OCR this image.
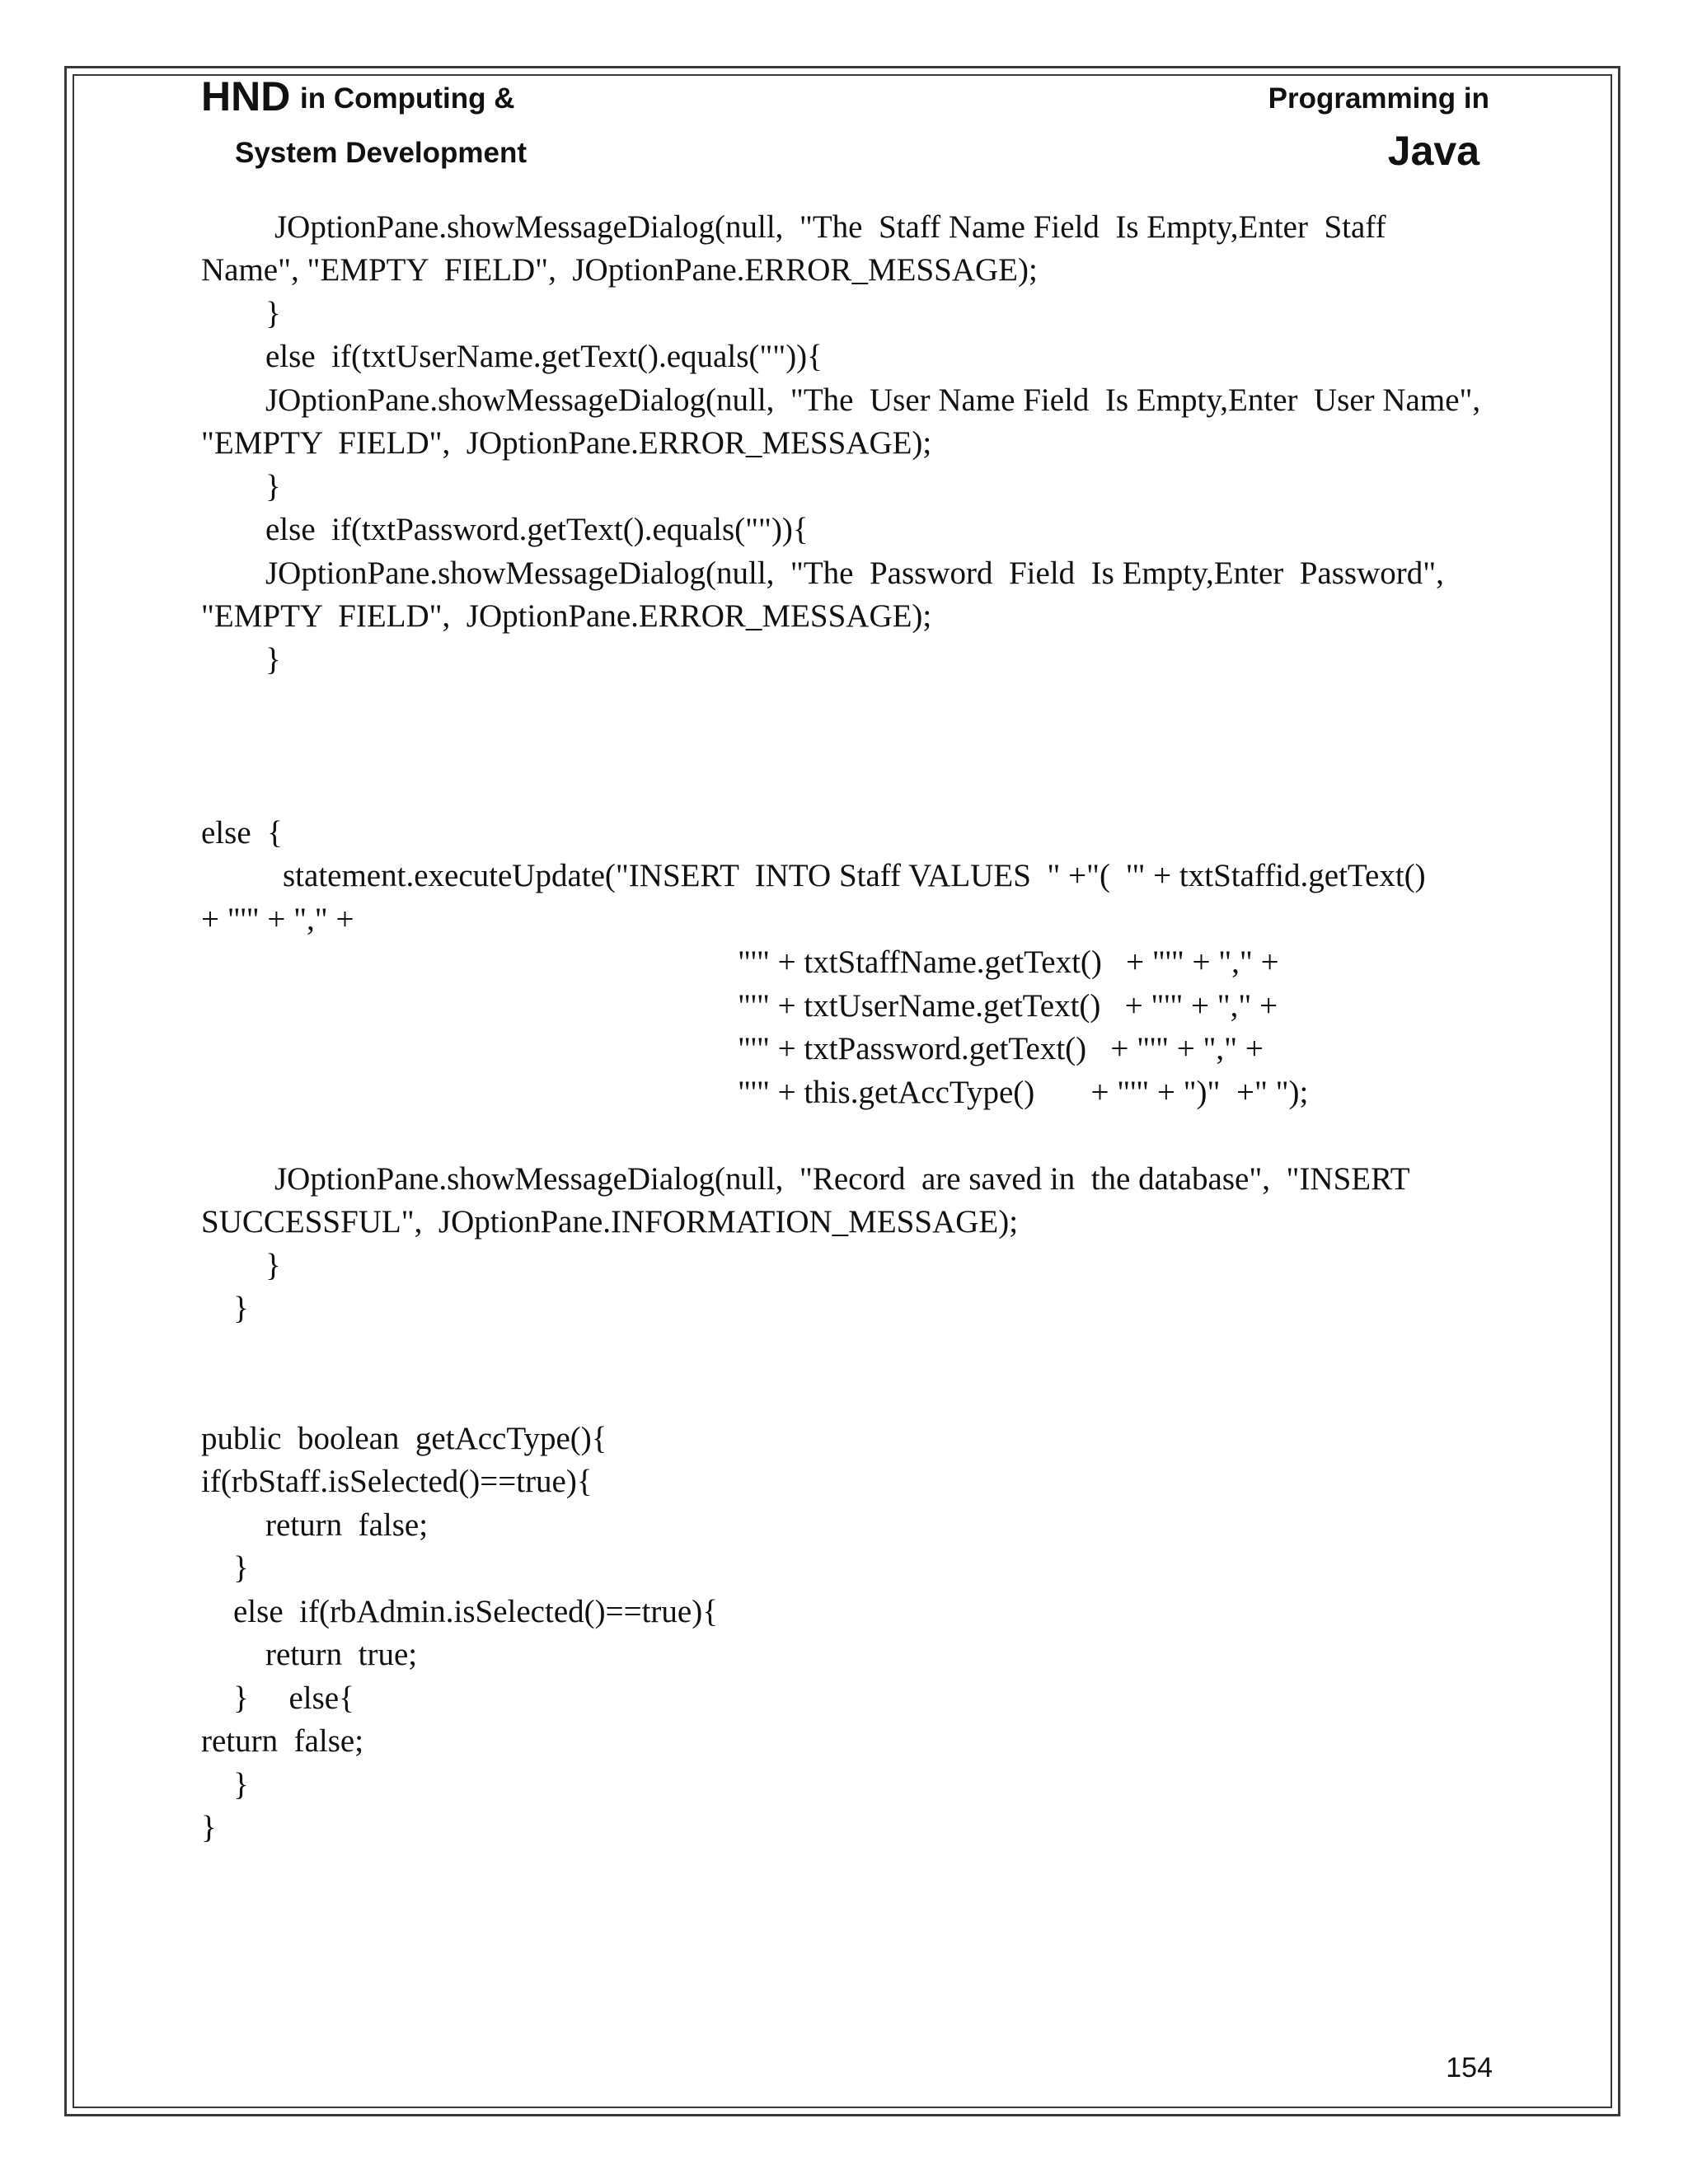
HND in Computing &
System Development
Programming in
Java
JOptionPane.showMessageDialog(null,  "The  Staff Name Field  Is Empty,Enter  Staff
Name", "EMPTY  FIELD",  JOptionPane.ERROR_MESSAGE);
}
else  if(txtUserName.getText().equals("")){
JOptionPane.showMessageDialog(null,  "The  User Name Field  Is Empty,Enter  User Name",
"EMPTY  FIELD",  JOptionPane.ERROR_MESSAGE);
}
else  if(txtPassword.getText().equals("")){
JOptionPane.showMessageDialog(null,  "The  Password  Field  Is Empty,Enter  Password",
"EMPTY  FIELD",  JOptionPane.ERROR_MESSAGE);
}
else  {
statement.executeUpdate("INSERT  INTO Staff VALUES  " +"(  '" + txtStaffid.getText()
+ "'" + "," +
"'" + txtStaffName.getText()   + "'" + "," +
"'" + txtUserName.getText()   + "'" + "," +
"'" + txtPassword.getText()   + "'" + "," +
"'" + this.getAccType()       + "'" + ")"  +" ");
JOptionPane.showMessageDialog(null,  "Record  are saved in  the database",  "INSERT
SUCCESSFUL",  JOptionPane.INFORMATION_MESSAGE);
}
}
public  boolean  getAccType(){
if(rbStaff.isSelected()==true){
return  false;
}
else  if(rbAdmin.isSelected()==true){
return  true;
}     else{
return  false;
}
}
154
